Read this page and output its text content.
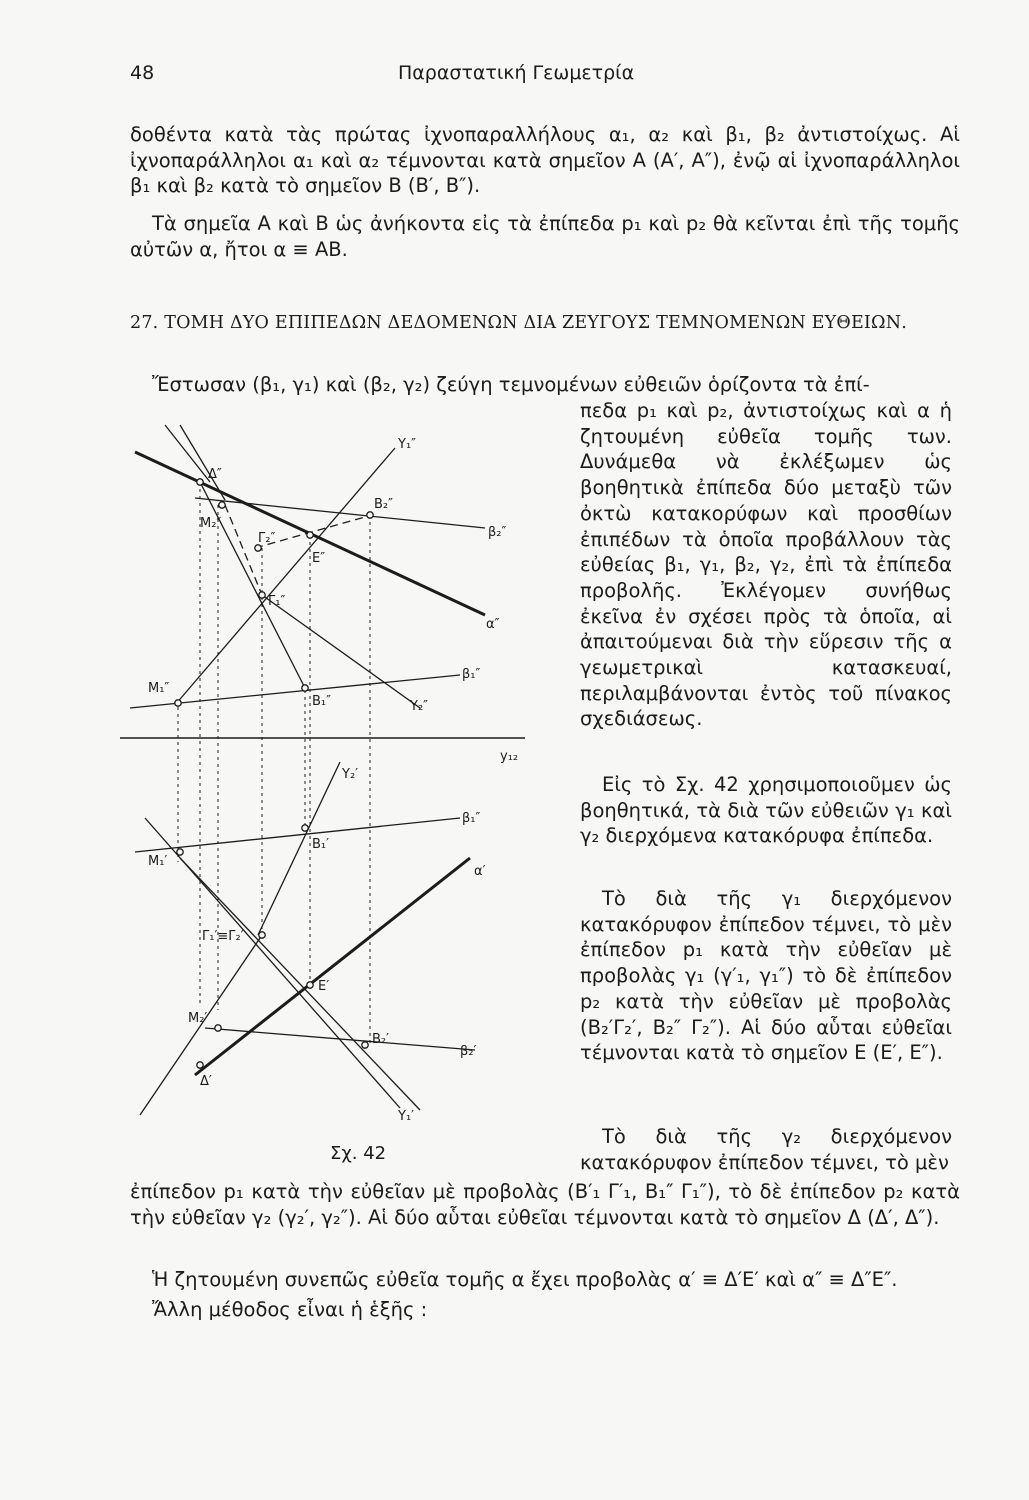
48	Παραστατική Γεωμετρία

δοθέντα κατὰ τὰς πρώτας ἰχνοπαραλλήλους α₁, α₂ καὶ β₁, β₂ ἀντιστοίχως. Αἱ ἰχνοπαράλληλοι α₁ καὶ α₂ τέμνονται κατὰ σημεῖον Α (Α′, Α″), ἐνῷ αἱ ἰχνοπαράλληλοι β₁ καὶ β₂ κατὰ τὸ σημεῖον Β (Β′, Β″).

Τὰ σημεῖα Α καὶ Β ὡς ἀνήκοντα εἰς τὰ ἐπίπεδα p₁ καὶ p₂ θὰ κεῖνται ἐπὶ τῆς τομῆς αὐτῶν α, ἤτοι α ≡ ΑΒ.

27. ΤΟΜΗ ΔΥΟ ΕΠΙΠΕΔΩΝ ΔΕΔΟΜΕΝΩΝ ΔΙΑ ΖΕΥΓΟΥΣ ΤΕΜΝΟΜΕΝΩΝ ΕΥΘΕΙΩΝ.

Ἔστωσαν (β₁, γ₁) καὶ (β₂, γ₂) ζεύγη τεμνομένων εὐθειῶν ὁρίζοντα τὰ ἐπί-

πεδα p₁ καὶ p₂, ἀντιστοίχως καὶ α ἡ ζητουμένη εὐθεῖα τομῆς των. Δυνάμεθα νὰ ἐκλέξωμεν ὡς βοηθητικὰ ἐπίπεδα δύο μεταξὺ τῶν ὀκτὼ κατακορύφων καὶ προσθίων ἐπιπέδων τὰ ὁποῖα προβάλλουν τὰς εὐθείας β₁, γ₁, β₂, γ₂, ἐπὶ τὰ ἐπίπεδα προβολῆς. Ἐκλέγομεν συνήθως ἐκεῖνα ἐν σχέσει πρὸς τὰ ὁποῖα, αἱ ἀπαιτούμεναι διὰ τὴν εὕρεσιν τῆς α γεωμετρικαὶ κατασκευαί, περιλαμβάνονται ἐντὸς τοῦ πίνακος σχεδιάσεως.

Εἰς τὸ Σχ. 42 χρησιμοποιοῦμεν ὡς βοηθητικά, τὰ διὰ τῶν εὐθειῶν γ₁ καὶ γ₂ διερχόμενα κατακόρυφα ἐπίπεδα.

Τὸ διὰ τῆς γ₁ διερχόμενον κατακόρυφον ἐπίπεδον τέμνει, τὸ μὲν ἐπίπεδον p₁ κατὰ τὴν εὐθεῖαν μὲ προβολὰς γ₁ (γ′₁, γ₁″) τὸ δὲ ἐπίπεδον p₂ κατὰ τὴν εὐθεῖαν μὲ προβολὰς (Β₂′Γ₂′, Β₂″ Γ₂″). Αἱ δύο αὗται εὐθεῖαι τέμνονται κατὰ τὸ σημεῖον Ε (Ε′, Ε″).

Τὸ διὰ τῆς γ₂ διερχόμενον κατακόρυφον ἐπίπεδον τέμνει, τὸ μὲν

ἐπίπεδον p₁ κατὰ τὴν εὐθεῖαν μὲ προβολὰς (Β′₁ Γ′₁, Β₁″ Γ₁″), τὸ δὲ ἐπίπεδον p₂ κατὰ τὴν εὐθεῖαν γ₂ (γ₂′, γ₂″). Αἱ δύο αὗται εὐθεῖαι τέμνονται κατὰ τὸ σημεῖον Δ (Δ′, Δ″).

Ἡ ζητουμένη συνεπῶς εὐθεῖα τομῆς α ἔχει προβολὰς α′ ≡ Δ′Ε′ καὶ α″ ≡ Δ″Ε″.

Ἄλλη μέθοδος εἶναι ἡ ἑξῆς :

Υ₁″
Δ″
Β₂″
Μ₂″
Γ₂″	β₂″
Ε″
Γ₁″
α″
β₁″
Μ₁″
Β₁″	Υ₂″
y₁₂
Υ₂′
β₁″
Β₁′
Μ₁′
α′
Γ₁′≡Γ₂′
Ε′
Μ₂′
Β₂′
β₂′
Δ′
Υ₁′
Σχ. 42
